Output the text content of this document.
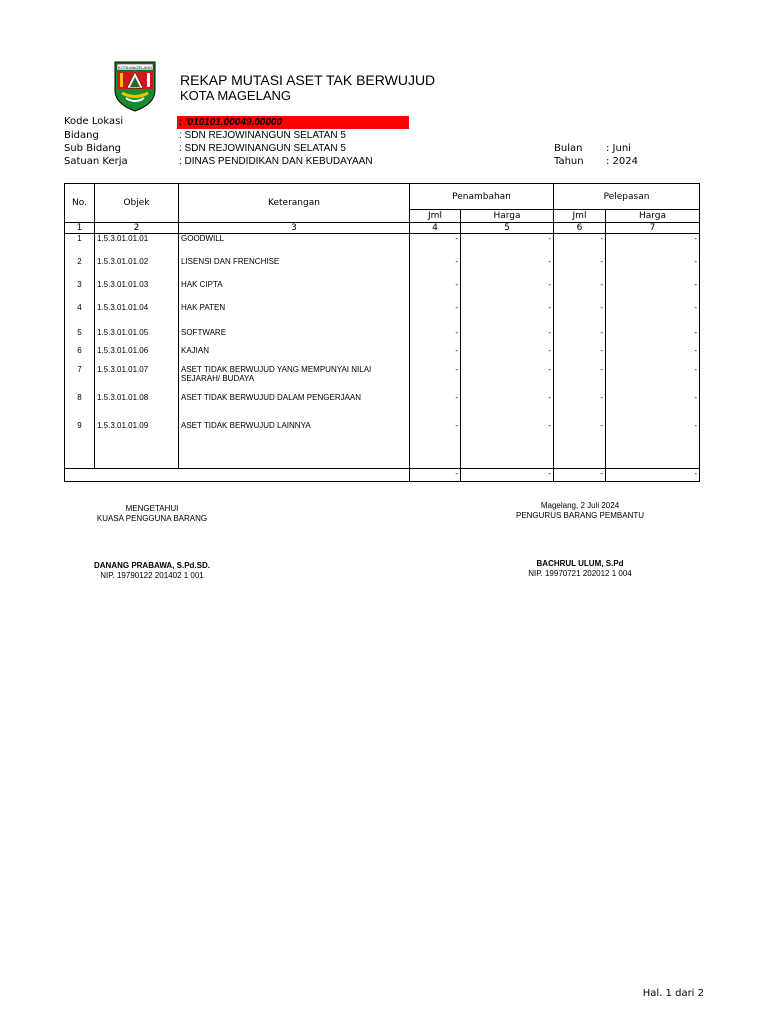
KOTA MAGELANG
REKAP MUTASI ASET TAK BERWUJUD
KOTA MAGELANG
Kode Lokasi	: '010101.00049.00000
Bidang	: SDN REJOWINANGUN SELATAN 5
Sub Bidang	: SDN REJOWINANGUN SELATAN 5
Satuan Kerja	: DINAS PENDIDIKAN DAN KEBUDAYAAN
Bulan : Juni
Tahun : 2024
No.	Objek	Keterangan	Penambahan		Pelepasan	
			Jml	Harga	Jml	Harga
1	2	3	4	5	6	7
1	1.5.3.01.01.01	GOODWILL	-	-	-	-
2	1.5.3.01.01.02	LISENSI DAN FRENCHISE	-	-	-	-
3	1.5.3.01.01.03	HAK CIPTA	-	-	-	-
4	1.5.3.01.01.04	HAK PATEN	-	-	-	-
5	1.5.3.01.01.05	SOFTWARE	-	-	-	-
6	1.5.3.01.01.06	KAJIAN	-	-	-	-
7	1.5.3.01.01.07	ASET TIDAK BERWUJUD YANG MEMPUNYAI NILAI SEJARAH/ BUDAYA	-	-	-	-
8	1.5.3.01.01.08	ASET TIDAK BERWUJUD DALAM PENGERJAAN	-	-	-	-
9	1.5.3.01.01.09	ASET TIDAK BERWUJUD LAINNYA	-	-	-	-
			-	-	-	-
MENGETAHUI
KUASA PENGGUNA BARANG
DANANG PRABAWA, S.Pd.SD.
NIP. 19790122 201402 1 001
Magelang, 2 Juli 2024
PENGURUS BARANG PEMBANTU
BACHRUL ULUM, S.Pd
NIP. 19970721 202012 1 004
Hal. 1 dari 2
